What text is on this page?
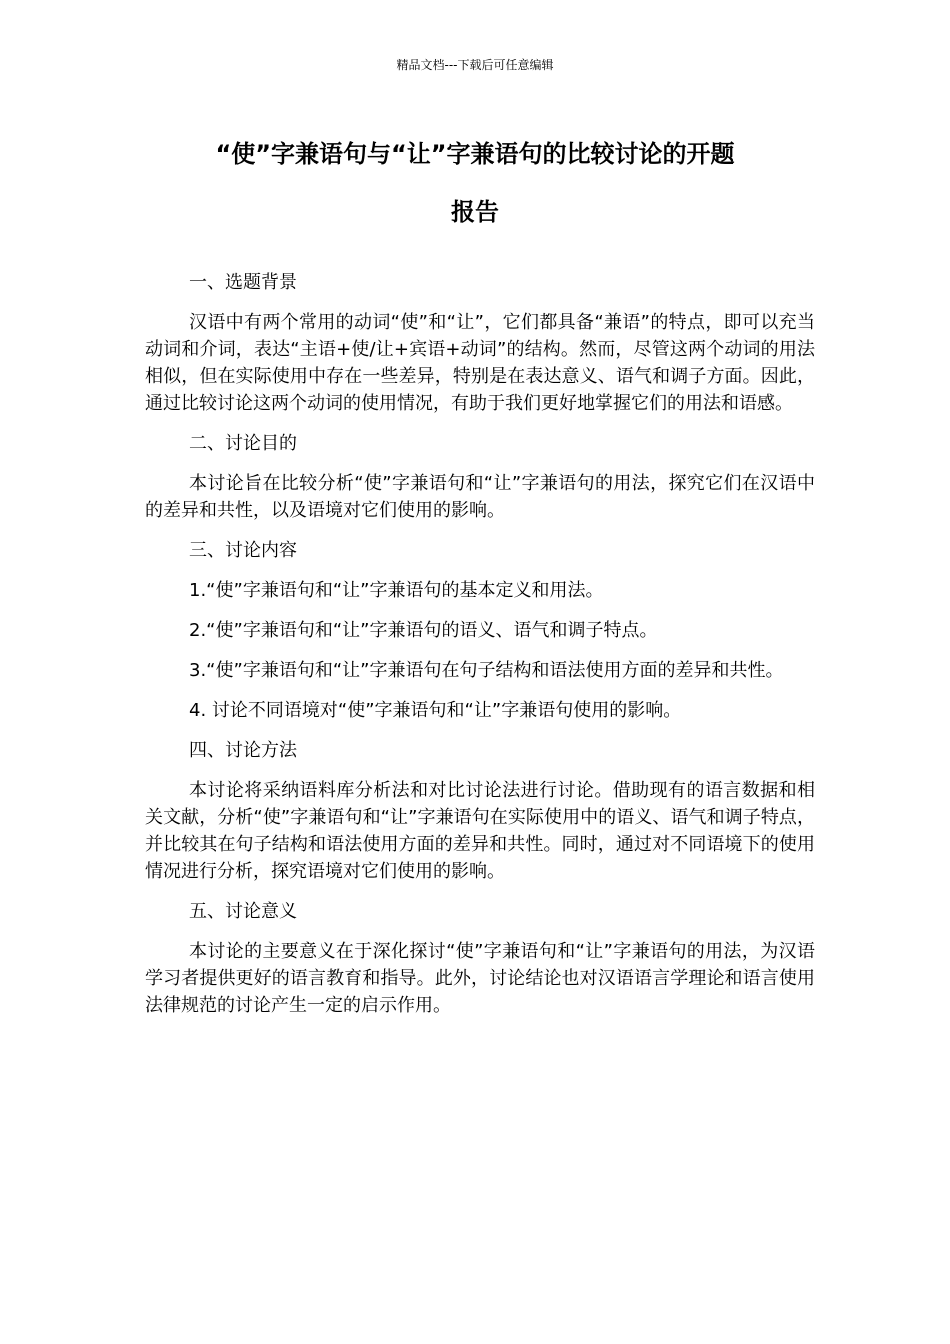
精品文档---下载后可任意编辑
“使”字兼语句与“让”字兼语句的比较讨论的开题
报告

一、选题背景

汉语中有两个常用的动词“使”和“让”，它们都具备“兼语”的特点，即可以充当动词和介词，表达“主语+使/让+宾语+动词”的结构。然而，尽管这两个动词的用法相似，但在实际使用中存在一些差异，特别是在表达意义、语气和调子方面。因此，通过比较讨论这两个动词的使用情况，有助于我们更好地掌握它们的用法和语感。

二、讨论目的

本讨论旨在比较分析“使”字兼语句和“让”字兼语句的用法，探究它们在汉语中的差异和共性，以及语境对它们使用的影响。

三、讨论内容

1.“使”字兼语句和“让”字兼语句的基本定义和用法。

2.“使”字兼语句和“让”字兼语句的语义、语气和调子特点。

3.“使”字兼语句和“让”字兼语句在句子结构和语法使用方面的差异和共性。

4. 讨论不同语境对“使”字兼语句和“让”字兼语句使用的影响。

四、讨论方法

本讨论将采纳语料库分析法和对比讨论法进行讨论。借助现有的语言数据和相关文献，分析“使”字兼语句和“让”字兼语句在实际使用中的语义、语气和调子特点，并比较其在句子结构和语法使用方面的差异和共性。同时，通过对不同语境下的使用情况进行分析，探究语境对它们使用的影响。

五、讨论意义

本讨论的主要意义在于深化探讨“使”字兼语句和“让”字兼语句的用法，为汉语学习者提供更好的语言教育和指导。此外，讨论结论也对汉语语言学理论和语言使用法律规范的讨论产生一定的启示作用。
